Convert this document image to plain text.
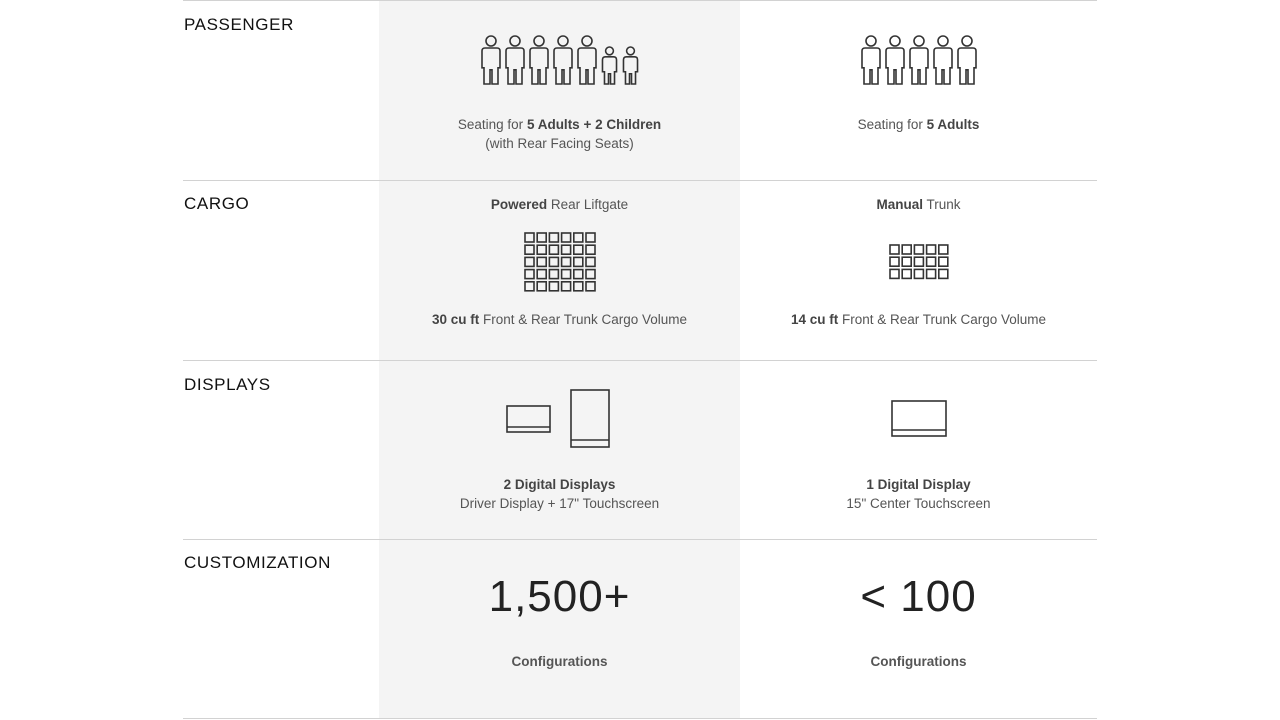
PASSENGER
Seating for 5 Adults + 2 Children
(with Rear Facing Seats)
Seating for 5 Adults
CARGO	Powered Rear Liftgate
30 cu ft Front & Rear Trunk Cargo Volume
Manual Trunk
14 cu ft Front & Rear Trunk Cargo Volume
DISPLAYS
2 Digital Displays
Driver Display + 17" Touchscreen
1 Digital Display
15" Center Touchscreen
CUSTOMIZATION
1,500+
Configurations
< 100
Configurations
